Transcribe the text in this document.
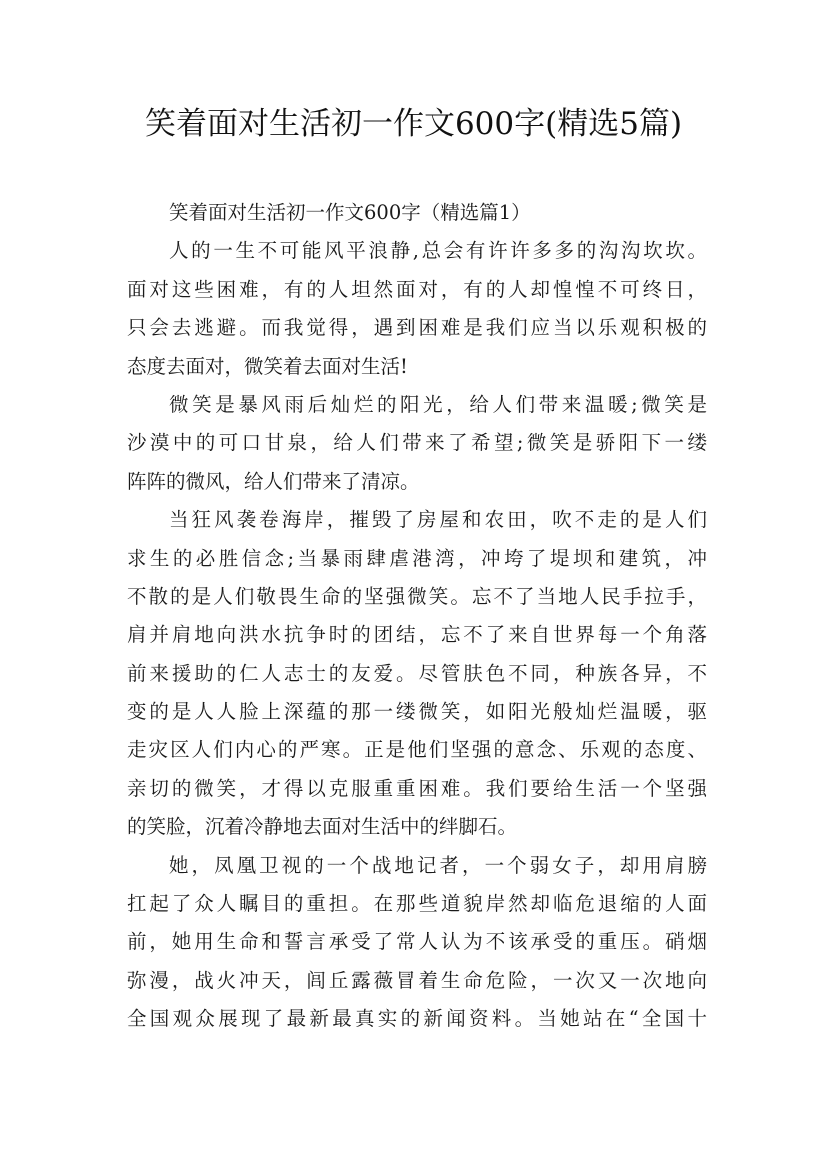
笑着面对生活初一作文600字(精选5篇)
笑着面对生活初一作文600字（精选篇1）
人的一生不可能风平浪静,总会有许许多多的沟沟坎坎。
面对这些困难，有的人坦然面对，有的人却惶惶不可终日，
只会去逃避。而我觉得，遇到困难是我们应当以乐观积极的
态度去面对，微笑着去面对生活!
微笑是暴风雨后灿烂的阳光，给人们带来温暖;微笑是
沙漠中的可口甘泉，给人们带来了希望;微笑是骄阳下一缕
阵阵的微风，给人们带来了清凉。
当狂风袭卷海岸，摧毁了房屋和农田，吹不走的是人们
求生的必胜信念;当暴雨肆虐港湾，冲垮了堤坝和建筑，冲
不散的是人们敬畏生命的坚强微笑。忘不了当地人民手拉手，
肩并肩地向洪水抗争时的团结，忘不了来自世界每一个角落
前来援助的仁人志士的友爱。尽管肤色不同，种族各异，不
变的是人人脸上深蕴的那一缕微笑，如阳光般灿烂温暖，驱
走灾区人们内心的严寒。正是他们坚强的意念、乐观的态度、
亲切的微笑，才得以克服重重困难。我们要给生活一个坚强
的笑脸，沉着冷静地去面对生活中的绊脚石。
她，凤凰卫视的一个战地记者，一个弱女子，却用肩膀
扛起了众人瞩目的重担。在那些道貌岸然却临危退缩的人面
前，她用生命和誓言承受了常人认为不该承受的重压。硝烟
弥漫，战火冲天，闾丘露薇冒着生命危险，一次又一次地向
全国观众展现了最新最真实的新闻资料。当她站在“全国十
